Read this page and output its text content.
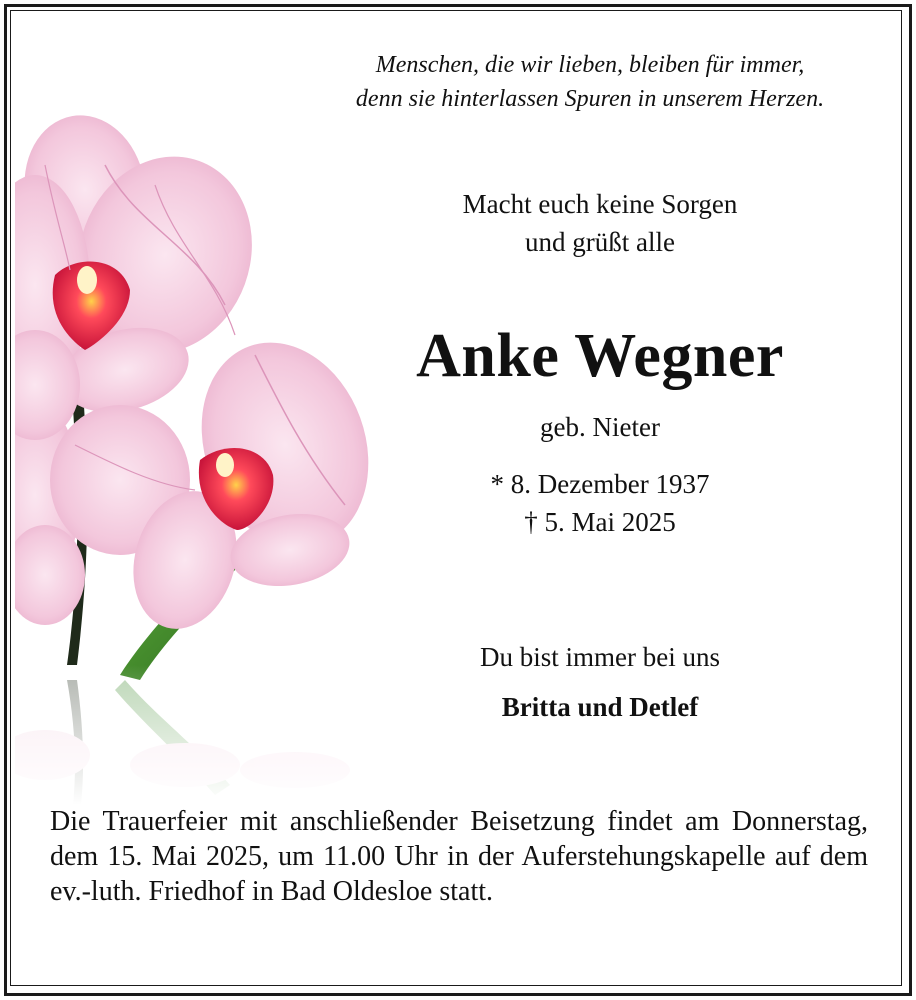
Menschen, die wir lieben, bleiben für immer,
denn sie hinterlassen Spuren in unserem Herzen.
Macht euch keine Sorgen
und grüßt alle
Anke Wegner
geb. Nieter
* 8. Dezember 1937
† 5. Mai 2025
Du bist immer bei uns
Britta und Detlef
Die Trauerfeier mit anschließender Beisetzung findet am Donnerstag, dem 15. Mai 2025, um 11.00 Uhr in der Auferstehungskapelle auf dem ev.-luth. Friedhof in Bad Oldesloe statt.
